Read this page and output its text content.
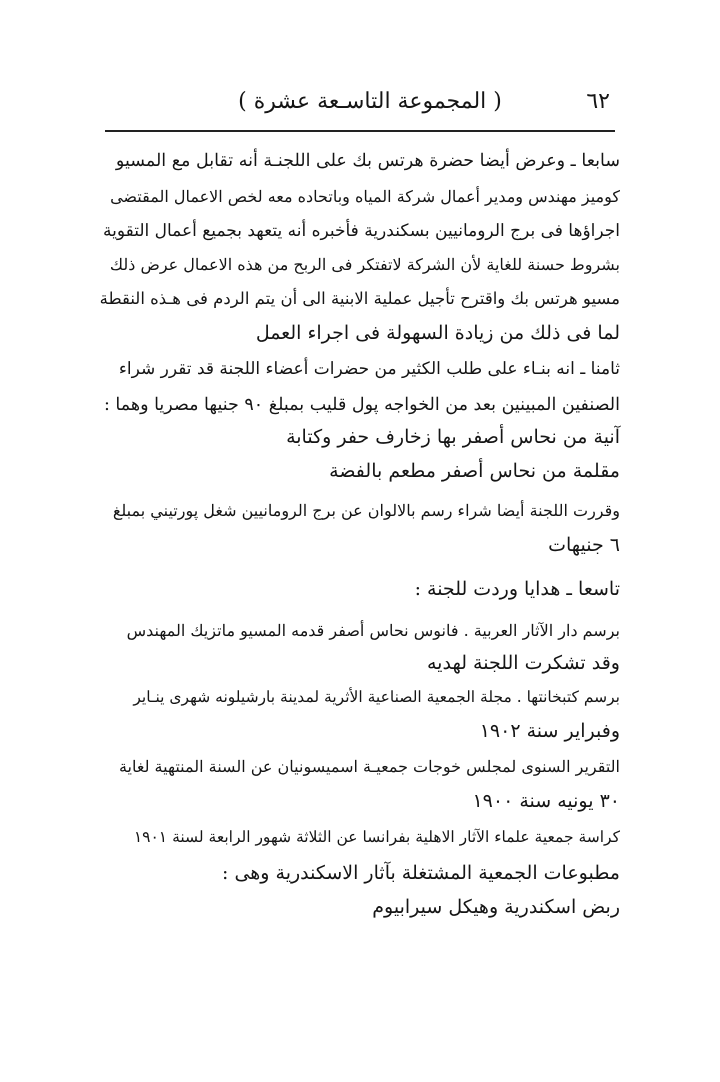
٦٢
( المجموعة التاسـعة عشرة )
سابعا ـ وعرض أيضا حضرة هرتس بك على اللجنـة أنه تقابل مع المسيو
كوميز مهندس ومدير أعمال شركة المياه وباتحاده معه لخص الاعمال المقتضى
اجراؤها فى برج الرومانيين بسكندرية فأخبره أنه يتعهد بجميع أعمال التقوية
بشروط حسنة للغاية لأن الشركة لاتفتكر فى الربح من هذه الاعمال عرض ذلك
مسيو هرتس بك واقترح تأجيل عملية الابنية الى أن يتم الردم فى هـذه النقطة
لما فى ذلك من زيادة السهولة فى اجراء العمل
ثامنا ـ انه بنـاء على طلب الكثير من حضرات أعضاء اللجنة قد تقرر شراء
الصنفين المبينين بعد من الخواجه پول قليب بمبلغ ٩٠ جنيها مصريا وهما :
آنية من نحاس أصفر بها زخارف حفر وكتابة
مقلمة من نحاس أصفر مطعم بالفضة
وقررت اللجنة أيضا شراء رسم بالالوان عن برج الرومانيين شغل پورتيني بمبلغ
٦ جنيهات
تاسعا ـ هدايا وردت للجنة :
برسم دار الآثار العربية . فانوس نحاس أصفر قدمه المسيو ماتزيك المهندس
وقد تشكرت اللجنة لهديه
برسم كتبخانتها . مجلة الجمعية الصناعية الأثرية لمدينة بارشيلونه شهرى ينـاير
وفبراير سنة ١٩٠٢
التقرير السنوى لمجلس خوجات جمعيـة اسميسونيان عن السنة المنتهية لغاية
٣٠ يونيه سنة ١٩٠٠
كراسة جمعية علماء الآثار الاهلية بفرانسا عن الثلاثة شهور الرابعة لسنة ١٩٠١
مطبوعات الجمعية المشتغلة بآثار الاسكندرية وهى :
ربض اسكندرية وهيكل سيرابيوم
